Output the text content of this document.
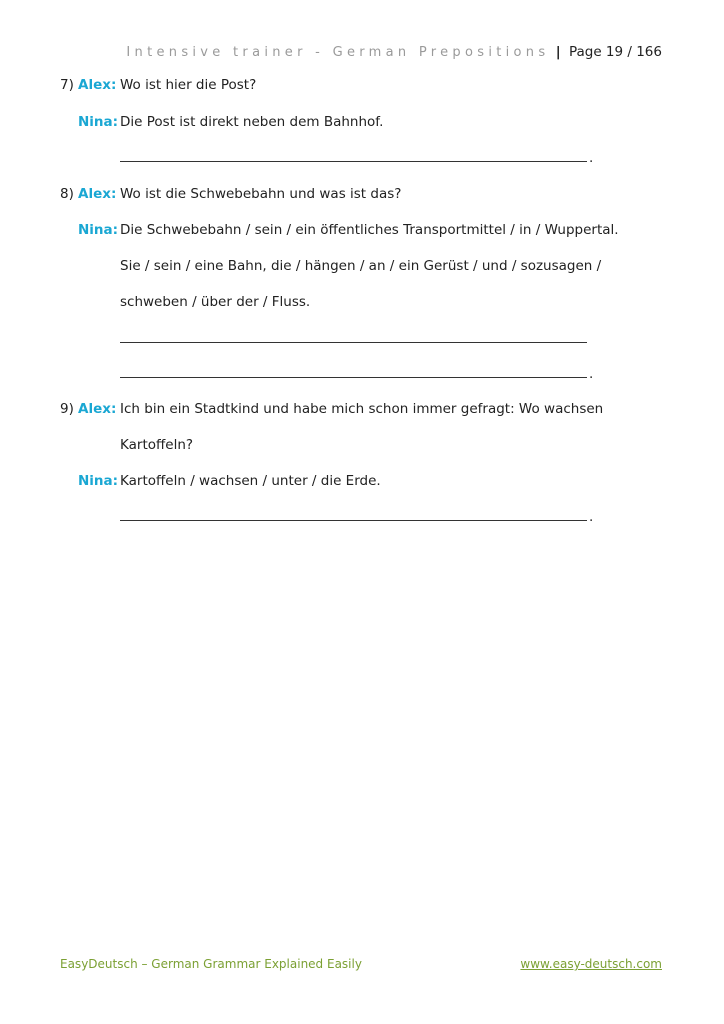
Intensive trainer - German Prepositions | Page 19 / 166
7) Alex: Wo ist hier die Post?
Nina: Die Post ist direkt neben dem Bahnhof.
.
8) Alex: Wo ist die Schwebebahn und was ist das?
Nina: Die Schwebebahn / sein / ein öffentliches Transportmittel / in / Wuppertal.
Sie / sein / eine Bahn, die / hängen / an / ein Gerüst / und / sozusagen /
schweben / über der / Fluss.
.
9) Alex: Ich bin ein Stadtkind und habe mich schon immer gefragt: Wo wachsen
Kartoffeln?
Nina: Kartoffeln / wachsen / unter / die Erde.
.
EasyDeutsch – German Grammar Explained Easily	www.easy-deutsch.com
